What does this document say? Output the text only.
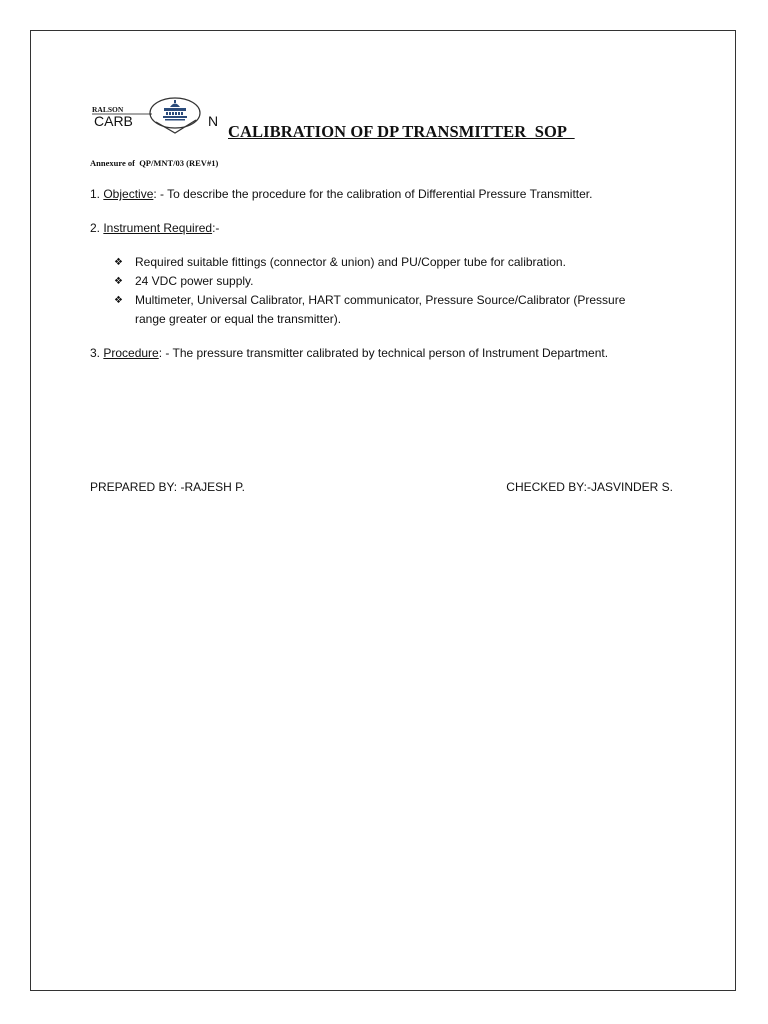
RALSON
CARB	N
CALIBRATION OF DP TRANSMITTER  SOP
Annexure of  QP/MNT/03 (REV#1)
1. Objective: - To describe the procedure for the calibration of Differential Pressure Transmitter.
2. Instrument Required:-
❖ Required suitable fittings (connector & union) and PU/Copper tube for calibration.
❖ 24 VDC power supply.
❖ Multimeter, Universal Calibrator, HART communicator, Pressure Source/Calibrator (Pressure range greater or equal the transmitter).
3. Procedure: - The pressure transmitter calibrated by technical person of Instrument Department.
PREPARED BY: -RAJESH P.	CHECKED BY:-JASVINDER S.
